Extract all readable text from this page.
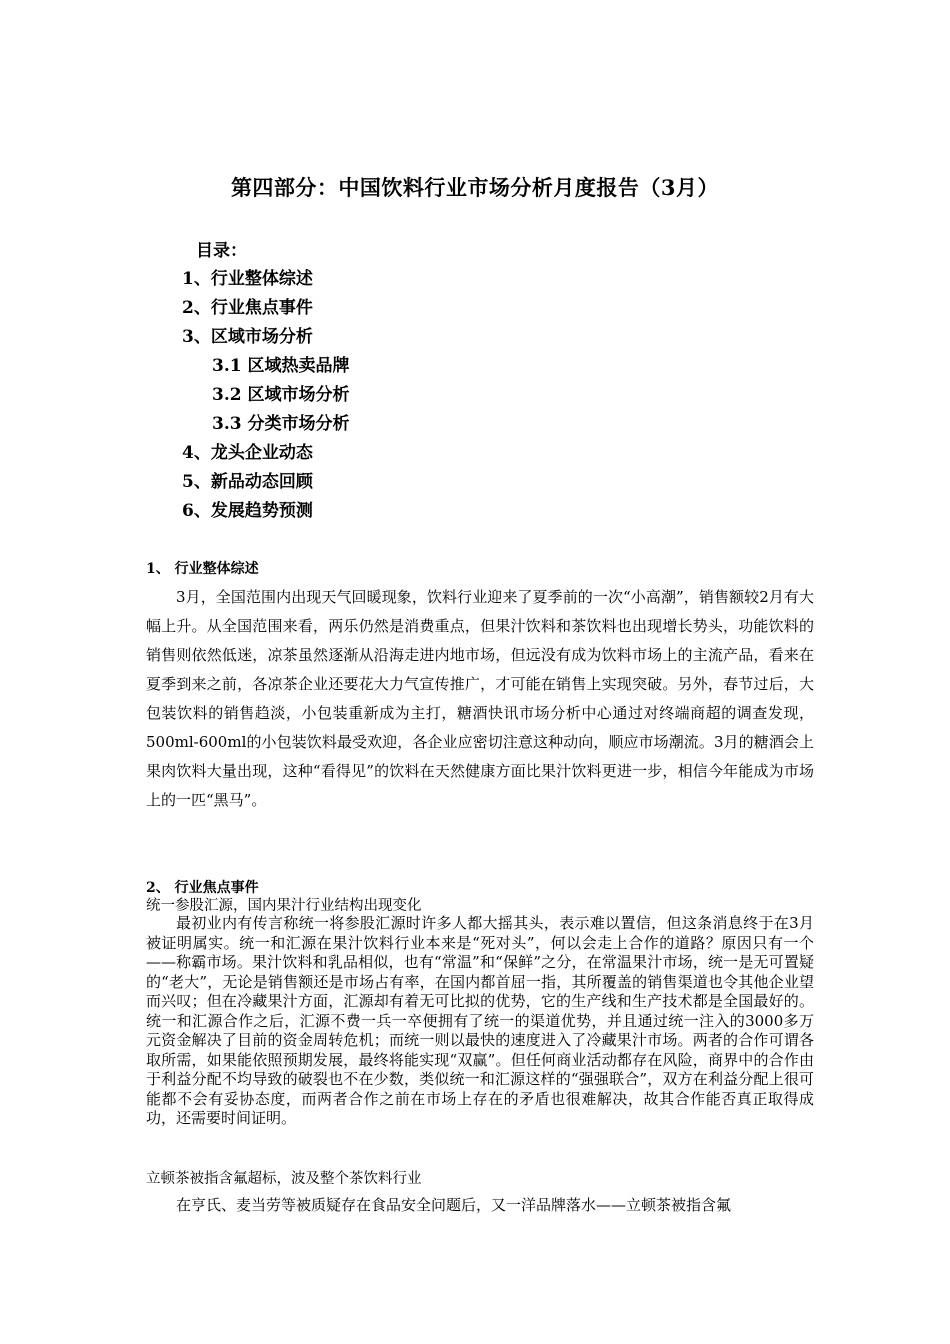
第四部分：中国饮料行业市场分析月度报告（3月）
目录：
1、行业整体综述
2、行业焦点事件
3、区域市场分析
3.1 区域热卖品牌
3.2 区域市场分析
3.3 分类市场分析
4、龙头企业动态
5、新品动态回顾
6、发展趋势预测
1、 行业整体综述

3月，全国范围内出现天气回暖现象，饮料行业迎来了夏季前的一次“小高潮”，销售额较2月有大幅上升。从全国范围来看，两乐仍然是消费重点，但果汁饮料和茶饮料也出现增长势头，功能饮料的销售则依然低迷，凉茶虽然逐渐从沿海走进内地市场，但远没有成为饮料市场上的主流产品，看来在夏季到来之前，各凉茶企业还要花大力气宣传推广，才可能在销售上实现突破。另外，春节过后，大包装饮料的销售趋淡，小包装重新成为主打，糖酒快讯市场分析中心通过对终端商超的调查发现，500ml-600ml的小包装饮料最受欢迎，各企业应密切注意这种动向，顺应市场潮流。3月的糖酒会上果肉饮料大量出现，这种“看得见”的饮料在天然健康方面比果汁饮料更进一步，相信今年能成为市场上的一匹“黑马”。

2、 行业焦点事件
统一参股汇源，国内果汁行业结构出现变化

最初业内有传言称统一将参股汇源时许多人都大摇其头，表示难以置信，但这条消息终于在3月被证明属实。统一和汇源在果汁饮料行业本来是“死对头”，何以会走上合作的道路？原因只有一个——称霸市场。果汁饮料和乳品相似，也有“常温”和“保鲜”之分，在常温果汁市场，统一是无可置疑的“老大”，无论是销售额还是市场占有率，在国内都首屈一指，其所覆盖的销售渠道也令其他企业望而兴叹；但在冷藏果汁方面，汇源却有着无可比拟的优势，它的生产线和生产技术都是全国最好的。统一和汇源合作之后，汇源不费一兵一卒便拥有了统一的渠道优势，并且通过统一注入的3000多万元资金解决了目前的资金周转危机；而统一则以最快的速度进入了冷藏果汁市场。两者的合作可谓各取所需，如果能依照预期发展，最终将能实现“双赢”。但任何商业活动都存在风险，商界中的合作由于利益分配不均导致的破裂也不在少数，类似统一和汇源这样的“强强联合”，双方在利益分配上很可能都不会有妥协态度，而两者合作之前在市场上存在的矛盾也很难解决，故其合作能否真正取得成功，还需要时间证明。

立顿茶被指含氟超标，波及整个茶饮料行业

在亨氏、麦当劳等被质疑存在食品安全问题后，又一洋品牌落水——立顿茶被指含氟
